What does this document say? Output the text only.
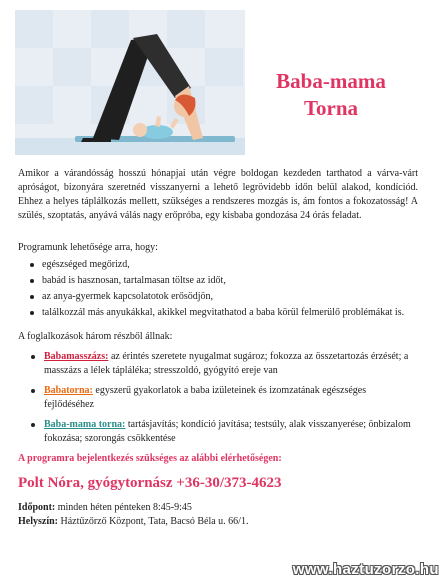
Baba-mama
Torna

Amikor a várandósság hosszú hónapjai után végre boldogan kezdeden tarthatod a várva-várt apróságot, bizonyára szeretnéd visszanyerni a lehető legrövidebb időn belül alakod, kondíciód. Ehhez a helyes táplálkozás mellett, szükséges a rendszeres mozgás is, ám fontos a fokozatosság! A szülés, szoptatás, anyává válás nagy erőpróba, egy kisbaba gondozása 24 órás feladat.

Programunk lehetősége arra, hogy:

egészséged megőrizd,
babád is hasznosan, tartalmasan töltse az időt,
az anya-gyermek kapcsolatotok erősödjön,
találkozzál más anyukákkal, akikkel megvitathatod a baba körül felmerülő problémákat is.

A foglalkozások három részből állnak:

Babamasszázs: az érintés szeretete nyugalmat sugároz; fokozza az összetartozás érzését; a masszázs a lélek tápláléka; stresszoldó, gyógyító ereje van
Babatorna: egyszerű gyakorlatok a baba izületeinek és izomzatának egészséges fejlődéséhez
Baba-mama torna: tartásjavítás; kondíció javítása; testsúly, alak visszanyerése; önbizalom fokozása; szorongás csökkentése

A programra bejelentkezés szükséges az alábbi elérhetőségen:

Polt Nóra, gyógytornász +36-30/373-4623

Időpont: minden héten pénteken 8:45-9:45

Helyszín: Háztűzőrző Központ, Tata, Bacsó Béla u. 66/1.

www.haztuzorzo.hu
